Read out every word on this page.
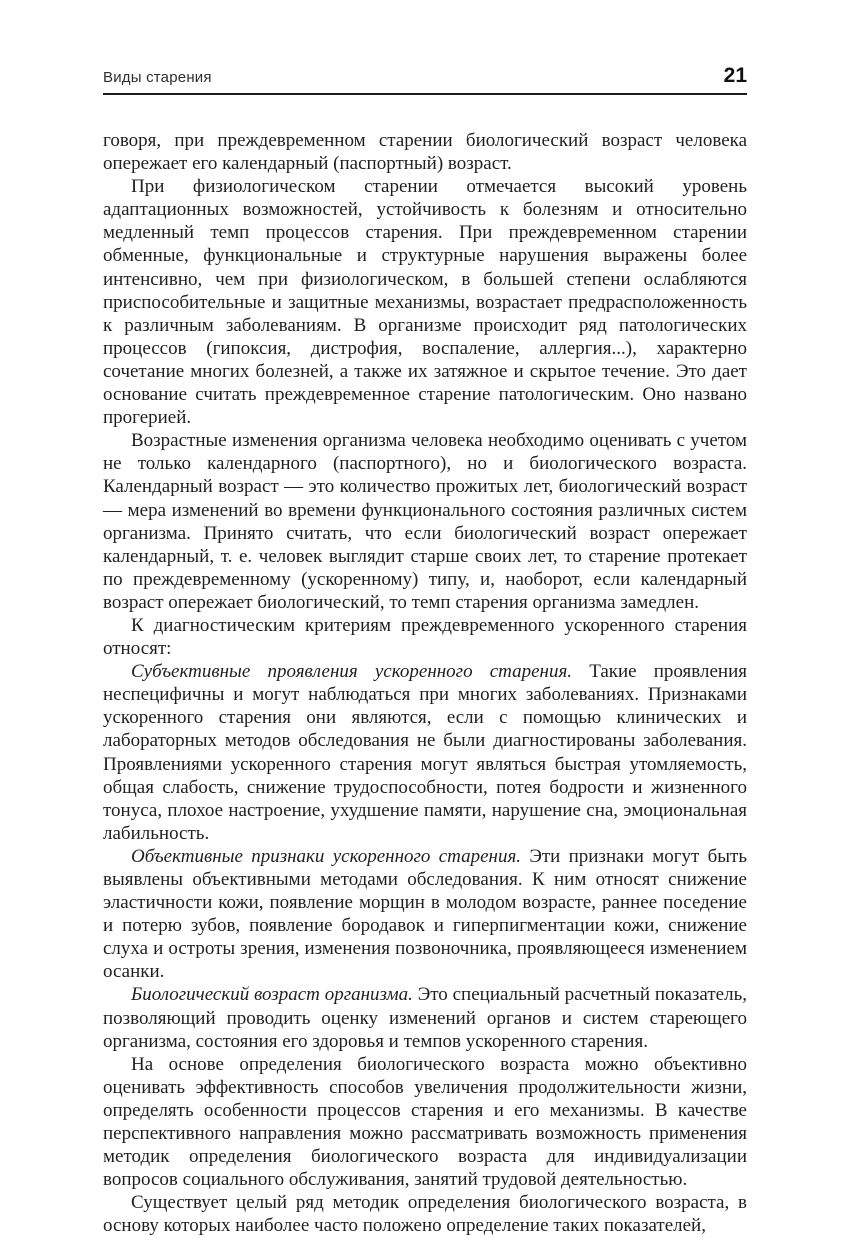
Виды старения	21

говоря, при преждевременном старении биологический возраст человека опережает его календарный (паспортный) возраст.

При физиологическом старении отмечается высокий уровень адаптационных возможностей, устойчивость к болезням и относительно медленный темп процессов старения. При преждевременном старении обменные, функциональные и структурные нарушения выражены более интенсивно, чем при физиологическом, в большей степени ослабляются приспособительные и защитные механизмы, возрастает предрасположенность к различным заболеваниям. В организме происходит ряд патологических процессов (гипоксия, дистрофия, воспаление, аллергия...), характерно сочетание многих болезней, а также их затяжное и скрытое течение. Это дает основание считать преждевременное старение патологическим. Оно названо прогерией.

Возрастные изменения организма человека необходимо оценивать с учетом не только календарного (паспортного), но и биологического возраста. Календарный возраст — это количество прожитых лет, биологический возраст — мера изменений во времени функционального состояния различных систем организма. Принято считать, что если биологический возраст опережает календарный, т. е. человек выглядит старше своих лет, то старение протекает по преждевременному (ускоренному) типу, и, наоборот, если календарный возраст опережает биологический, то темп старения организма замедлен.

К диагностическим критериям преждевременного ускоренного старения относят:

Субъективные проявления ускоренного старения. Такие проявления неспецифичны и могут наблюдаться при многих заболеваниях. Признаками ускоренного старения они являются, если с помощью клинических и лабораторных методов обследования не были диагностированы заболевания. Проявлениями ускоренного старения могут являться быстрая утомляемость, общая слабость, снижение трудоспособности, потея бодрости и жизненного тонуса, плохое настроение, ухудшение памяти, нарушение сна, эмоциональная лабильность.

Объективные признаки ускоренного старения. Эти признаки могут быть выявлены объективными методами обследования. К ним относят снижение эластичности кожи, появление морщин в молодом возрасте, раннее поседение и потерю зубов, появление бородавок и гиперпигментации кожи, снижение слуха и остроты зрения, изменения позвоночника, проявляющееся изменением осанки.

Биологический возраст организма. Это специальный расчетный показатель, позволяющий проводить оценку изменений органов и систем стареющего организма, состояния его здоровья и темпов ускоренного старения.

На основе определения биологического возраста можно объективно оценивать эффективность способов увеличения продолжительности жизни, определять особенности процессов старения и его механизмы. В качестве перспективного направления можно рассматривать возможность применения методик определения биологического возраста для индивидуализации вопросов социального обслуживания, занятий трудовой деятельностью.

Существует целый ряд методик определения биологического возраста, в основу которых наиболее часто положено определение таких показателей,
